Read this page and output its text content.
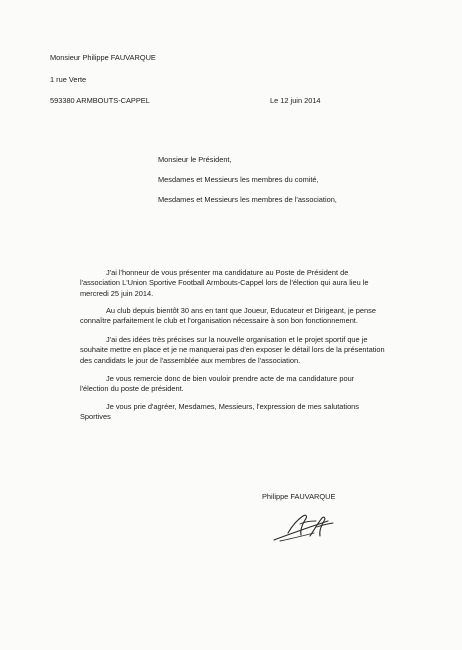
Monsieur Philippe FAUVARQUE
1 rue Verte
593380 ARMBOUTS-CAPPEL	Le 12 juin 2014
Monsieur le Président,
Mesdames et Messieurs les membres du comité,
Mesdames et Messieurs les membres de l'association,
J'ai l'honneur de vous présenter ma candidature au Poste de Président de
l'association L'Union Sportive Football Armbouts-Cappel lors de l'élection qui aura lieu le
mercredi 25 juin 2014.
Au club depuis bientôt 30 ans en tant que Joueur, Educateur et Dirigeant, je pense
connaître parfaitement le club et l'organisation nécessaire à son bon fonctionnement.
J'ai des idées très précises sur la nouvelle organisation et le projet sportif que je
souhaite mettre en place et je ne manquerai pas d'en exposer le détail lors de la présentation
des candidats le jour de l'assemblée aux membres de l'association.
Je vous remercie donc de bien vouloir prendre acte de ma candidature pour
l'élection du poste de président.
Je vous prie d'agréer, Mesdames, Messieurs, l'expression de mes salutations
Sportives
Philippe FAUVARQUE
